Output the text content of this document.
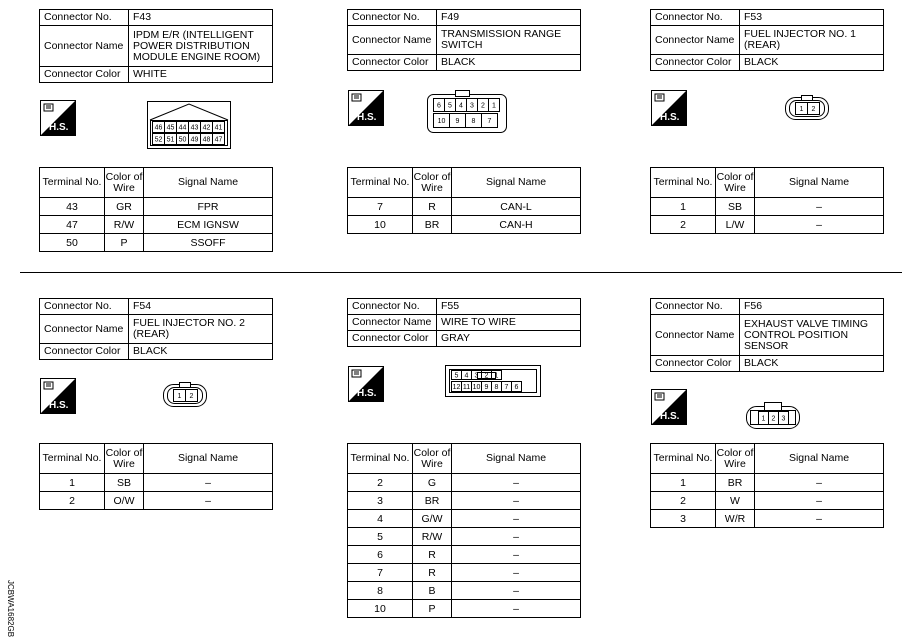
Connector No.	F43
Connector Name	IPDM E/R (INTELLIGENT POWER DISTRIBUTION MODULE ENGINE ROOM)
Connector Color	WHITE
H.S.	46 45 44 43 42 41
52 51 50 49 48 47
Terminal No.	Color of Wire	Signal Name
43	GR	FPR
47	R/W	ECM IGNSW
50	P	SSOFF
Connector No.	F49
Connector Name	TRANSMISSION RANGE SWITCH
Connector Color	BLACK
H.S.
6 5 4 3 2 1
10 9 8 7
Terminal No.	Color of Wire	Signal Name
7	R	CAN-L
10	BR	CAN-H
Connector No.	F53
Connector Name	FUEL INJECTOR NO. 1 (REAR)
Connector Color	BLACK
H.S.
1 2
Terminal No.	Color of Wire	Signal Name
1	SB	–
2	L/W	–
Connector No.	F54
Connector Name	FUEL INJECTOR NO. 2 (REAR)
Connector Color	BLACK
H.S.
1 2
Terminal No.	Color of Wire	Signal Name
1	SB	–
2	O/W	–
Connector No.	F55
Connector Name	WIRE TO WIRE
Connector Color	GRAY
H.S.
5 4 3 2 1
12 11 10 9 8 7 6
Terminal No.	Color of Wire	Signal Name
2	G	–
3	BR	–
4	G/W	–
5	R/W	–
6	R	–
7	R	–
8	B	–
10	P	–
Connector No.	F56
Connector Name	EXHAUST VALVE TIMING CONTROL POSITION SENSOR
Connector Color	BLACK
H.S.	1 2 3
Terminal No.	Color of Wire	Signal Name
1	BR	–
2	W	–
3	W/R	–
JCBWA1682GB
